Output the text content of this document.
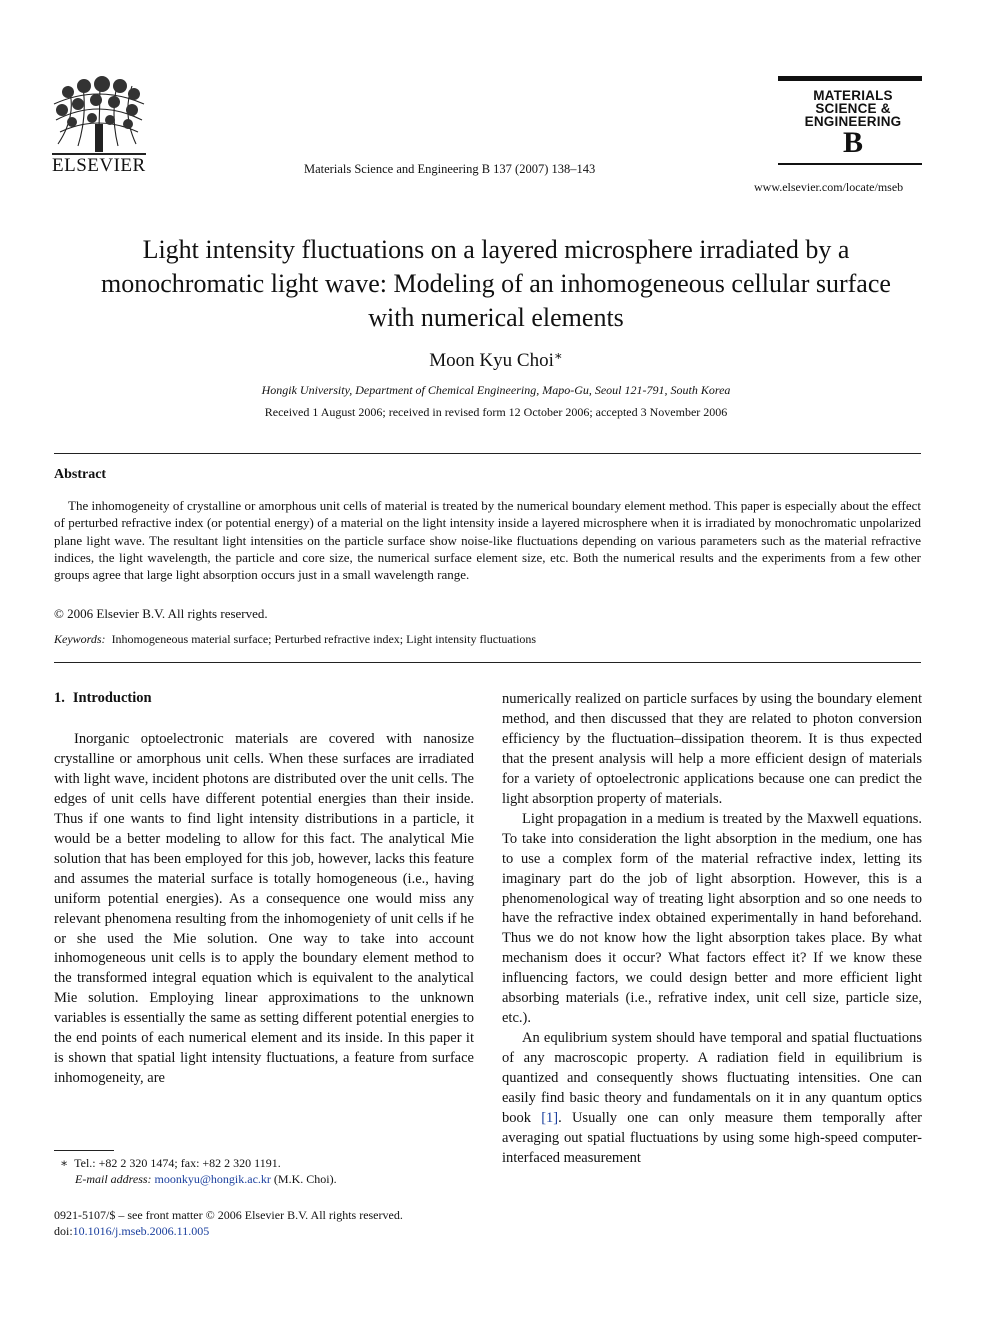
ELSEVIER	Materials Science and Engineering B 137 (2007) 138–143
MATERIALS
SCIENCE &
ENGINEERING
B
www.elsevier.com/locate/mseb
Light intensity fluctuations on a layered microsphere irradiated by a monochromatic light wave: Modeling of an inhomogeneous cellular surface with numerical elements
Moon Kyu Choi∗
Hongik University, Department of Chemical Engineering, Mapo-Gu, Seoul 121-791, South Korea
Received 1 August 2006; received in revised form 12 October 2006; accepted 3 November 2006
Abstract

The inhomogeneity of crystalline or amorphous unit cells of material is treated by the numerical boundary element method. This paper is especially about the effect of perturbed refractive index (or potential energy) of a material on the light intensity inside a layered microsphere when it is irradiated by monochromatic unpolarized plane light wave. The resultant light intensities on the particle surface show noise-like fluctuations depending on various parameters such as the material refractive indices, the light wavelength, the particle and core size, the numerical surface element size, etc. Both the numerical results and the experiments from a few other groups agree that large light absorption occurs just in a small wavelength range.

© 2006 Elsevier B.V. All rights reserved.
Keywords: Inhomogeneous material surface; Perturbed refractive index; Light intensity fluctuations
1. Introduction

Inorganic optoelectronic materials are covered with nanosize crystalline or amorphous unit cells. When these surfaces are irradiated with light wave, incident photons are distributed over the unit cells. The edges of unit cells have different potential energies than their inside. Thus if one wants to find light intensity distributions in a particle, it would be a better modeling to allow for this fact. The analytical Mie solution that has been employed for this job, however, lacks this feature and assumes the material surface is totally homogeneous (i.e., having uniform potential energies). As a consequence one would miss any relevant phenomena resulting from the inhomogeniety of unit cells if he or she used the Mie solution. One way to take into account inhomogeneous unit cells is to apply the boundary element method to the transformed integral equation which is equivalent to the analytical Mie solution. Employing linear approximations to the unknown variables is essentially the same as setting different potential energies to the end points of each numerical element and its inside. In this paper it is shown that spatial light intensity fluctuations, a feature from surface inhomogeneity, are

numerically realized on particle surfaces by using the boundary element method, and then discussed that they are related to photon conversion efficiency by the fluctuation–dissipation theorem. It is thus expected that the present analysis will help a more efficient design of materials for a variety of optoelectronic applications because one can predict the light absorption property of materials.

Light propagation in a medium is treated by the Maxwell equations. To take into consideration the light absorption in the medium, one has to use a complex form of the material refractive index, letting its imaginary part do the job of light absorption. However, this is a phenomenological way of treating light absorption and so one needs to have the refractive index obtained experimentally in hand beforehand. Thus we do not know how the light absorption takes place. By what mechanism does it occur? What factors effect it? If we know these influencing factors, we could design better and more efficient light absorbing materials (i.e., refrative index, unit cell size, particle size, etc.).

An equlibrium system should have temporal and spatial fluctuations of any macroscopic property. A radiation field in equilibrium is quantized and consequently shows fluctuating intensities. One can easily find basic theory and fundamentals on it in any quantum optics book [1]. Usually one can only measure them temporally after averaging out spatial fluctuations by using some high-speed computer-interfaced measurement

∗ Tel.: +82 2 320 1474; fax: +82 2 320 1191.
E-mail address: moonkyu@hongik.ac.kr (M.K. Choi).
0921-5107/$ – see front matter © 2006 Elsevier B.V. All rights reserved.
doi:10.1016/j.mseb.2006.11.005
